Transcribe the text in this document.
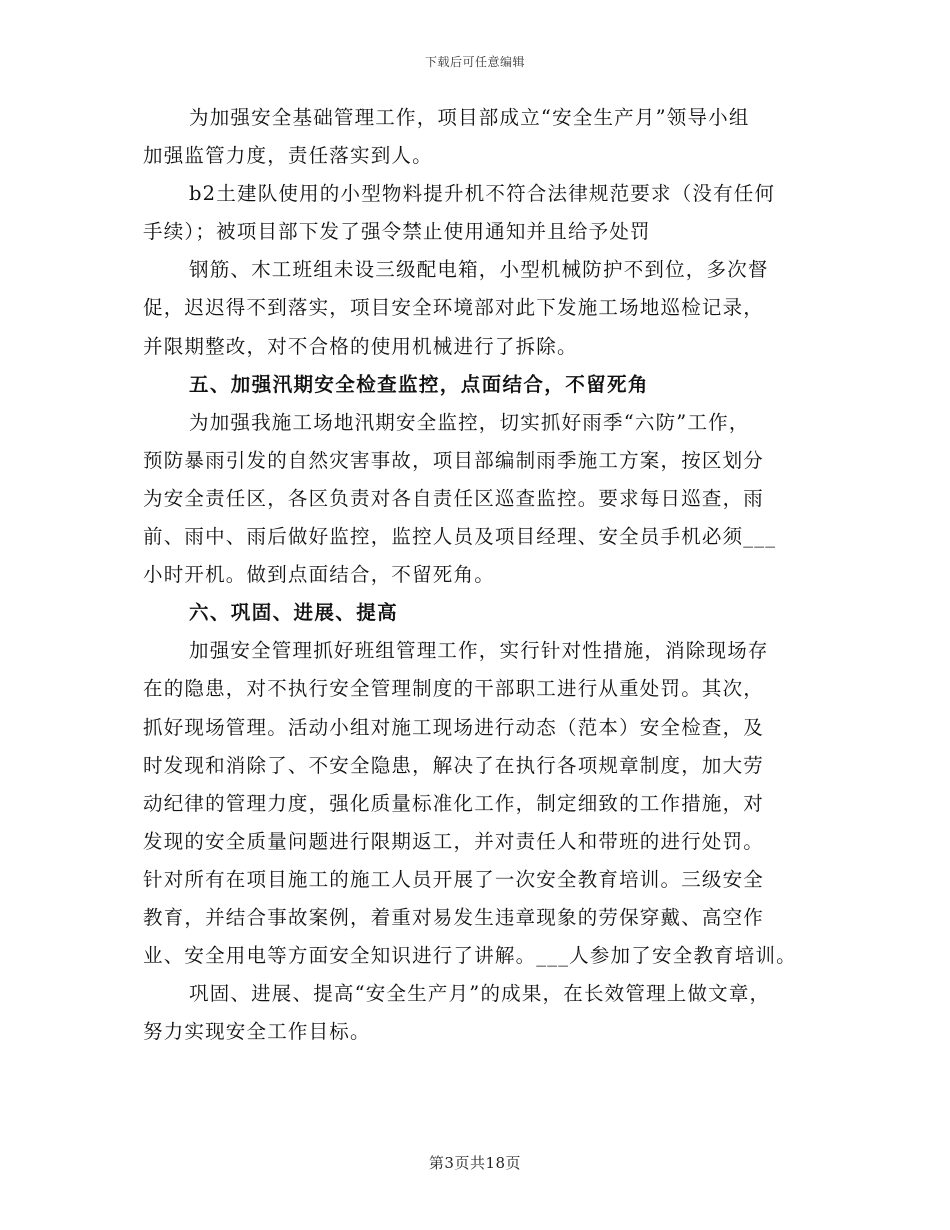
下载后可任意编辑
为加强安全基础管理工作，项目部成立“安全生产月”领导小组
加强监管力度，责任落实到人。
b2土建队使用的小型物料提升机不符合法律规范要求（没有任何
手续）；被项目部下发了强令禁止使用通知并且给予处罚
钢筋、木工班组未设三级配电箱，小型机械防护不到位，多次督
促，迟迟得不到落实，项目安全环境部对此下发施工场地巡检记录，
并限期整改，对不合格的使用机械进行了拆除。
五、加强汛期安全检查监控，点面结合，不留死角
为加强我施工场地汛期安全监控，切实抓好雨季“六防”工作，
预防暴雨引发的自然灾害事故，项目部编制雨季施工方案，按区划分
为安全责任区，各区负责对各自责任区巡查监控。要求每日巡查，雨
前、雨中、雨后做好监控，监控人员及项目经理、安全员手机必须___
小时开机。做到点面结合，不留死角。
六、巩固、进展、提高
加强安全管理抓好班组管理工作，实行针对性措施，消除现场存
在的隐患，对不执行安全管理制度的干部职工进行从重处罚。其次，
抓好现场管理。活动小组对施工现场进行动态（范本）安全检查，及
时发现和消除了、不安全隐患，解决了在执行各项规章制度，加大劳
动纪律的管理力度，强化质量标准化工作，制定细致的工作措施，对
发现的安全质量问题进行限期返工，并对责任人和带班的进行处罚。
针对所有在项目施工的施工人员开展了一次安全教育培训。三级安全
教育，并结合事故案例，着重对易发生违章现象的劳保穿戴、高空作
业、安全用电等方面安全知识进行了讲解。___人参加了安全教育培训。
巩固、进展、提高“安全生产月”的成果，在长效管理上做文章，
努力实现安全工作目标。
第3页共18页
